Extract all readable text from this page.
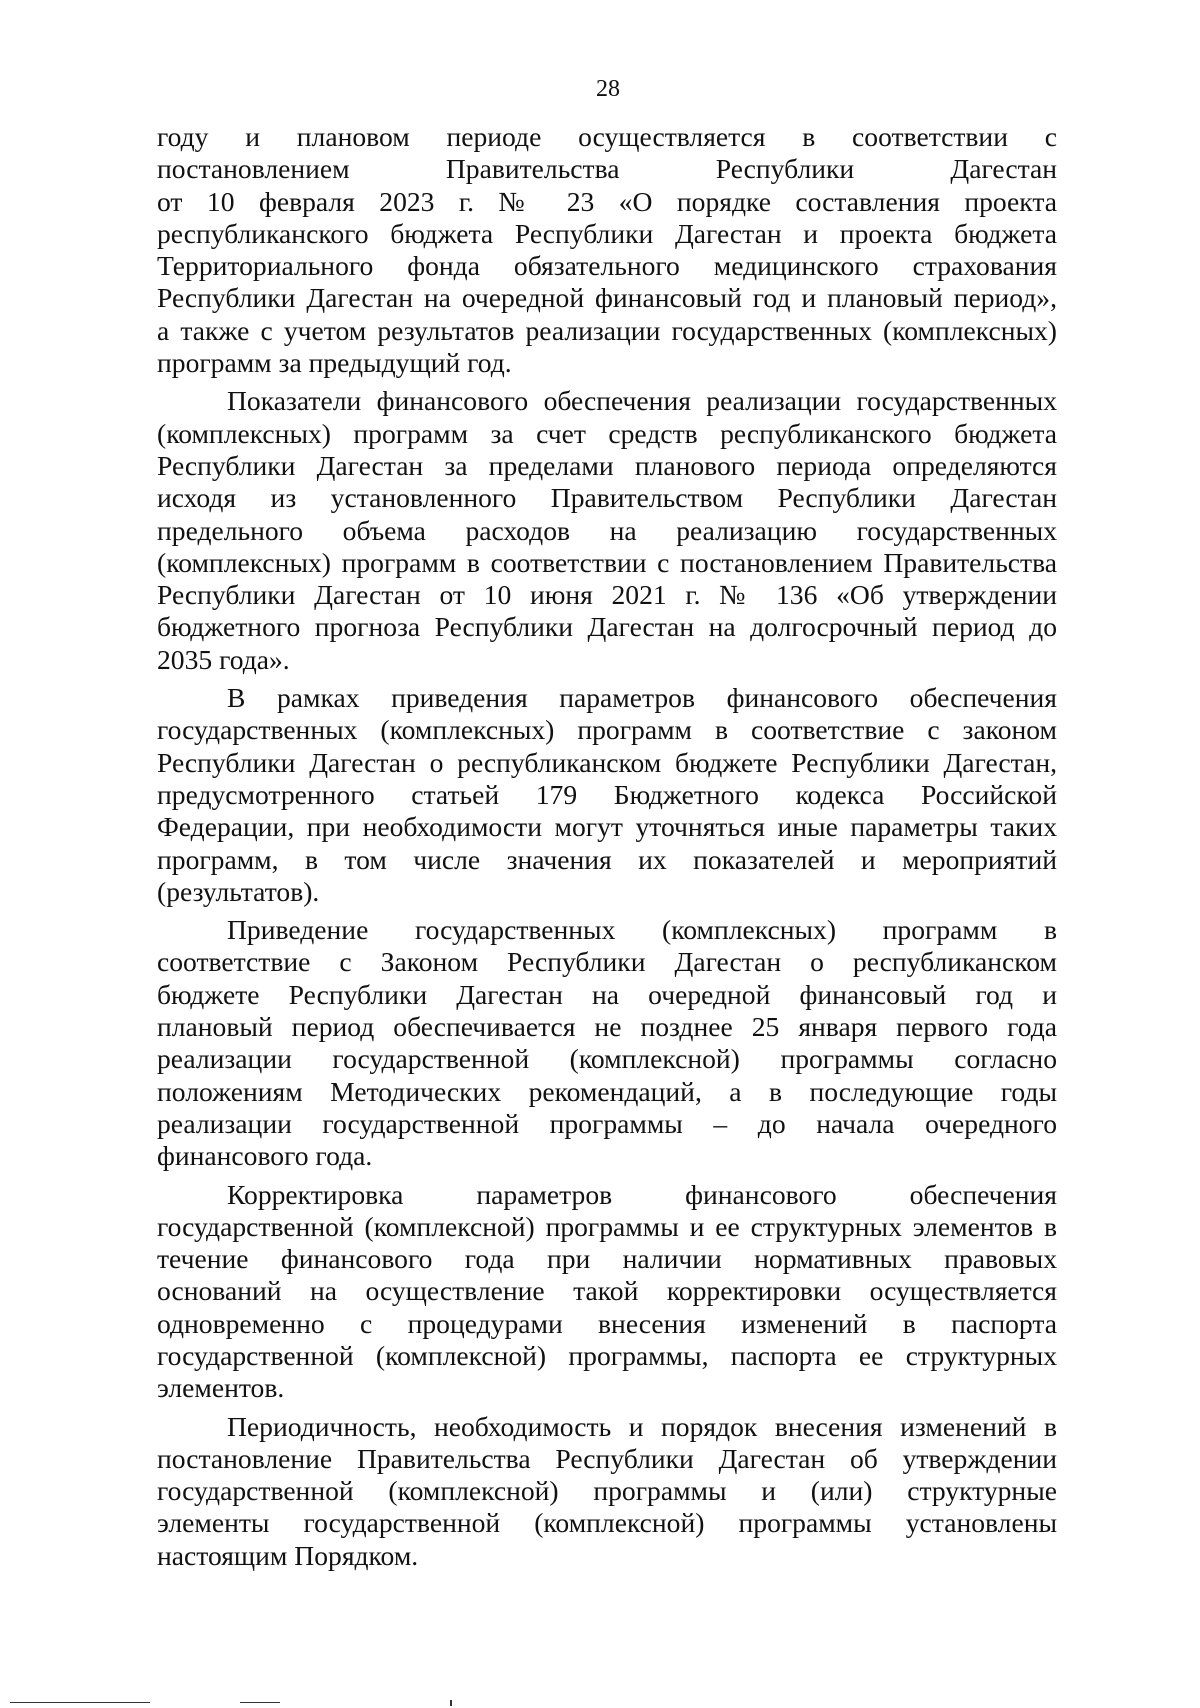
28
году и плановом периоде осуществляется в соответствии с
постановлением Правительства Республики Дагестан
от 10 февраля 2023 г. № 23 «О порядке составления проекта
республиканского бюджета Республики Дагестан и проекта бюджета
Территориального фонда обязательного медицинского страхования
Республики Дагестан на очередной финансовый год и плановый период»,
а также с учетом результатов реализации государственных (комплексных)
программ за предыдущий год.
Показатели финансового обеспечения реализации государственных
(комплексных) программ за счет средств республиканского бюджета
Республики Дагестан за пределами планового периода определяются
исходя из установленного Правительством Республики Дагестан
предельного объема расходов на реализацию государственных
(комплексных) программ в соответствии с постановлением Правительства
Республики Дагестан от 10 июня 2021 г. № 136 «Об утверждении
бюджетного прогноза Республики Дагестан на долгосрочный период до
2035 года».
В рамках приведения параметров финансового обеспечения
государственных (комплексных) программ в соответствие с законом
Республики Дагестан о республиканском бюджете Республики Дагестан,
предусмотренного статьей 179 Бюджетного кодекса Российской
Федерации, при необходимости могут уточняться иные параметры таких
программ, в том числе значения их показателей и мероприятий
(результатов).
Приведение государственных (комплексных) программ в
соответствие с Законом Республики Дагестан о республиканском
бюджете Республики Дагестан на очередной финансовый год и
плановый период обеспечивается не позднее 25 января первого года
реализации государственной (комплексной) программы согласно
положениям Методических рекомендаций, а в последующие годы
реализации государственной программы – до начала очередного
финансового года.
Корректировка параметров финансового обеспечения
государственной (комплексной) программы и ее структурных элементов в
течение финансового года при наличии нормативных правовых
оснований на осуществление такой корректировки осуществляется
одновременно с процедурами внесения изменений в паспорта
государственной (комплексной) программы, паспорта ее структурных
элементов.
Периодичность, необходимость и порядок внесения изменений в
постановление Правительства Республики Дагестан об утверждении
государственной (комплексной) программы и (или) структурные
элементы государственной (комплексной) программы установлены
настоящим Порядком.
